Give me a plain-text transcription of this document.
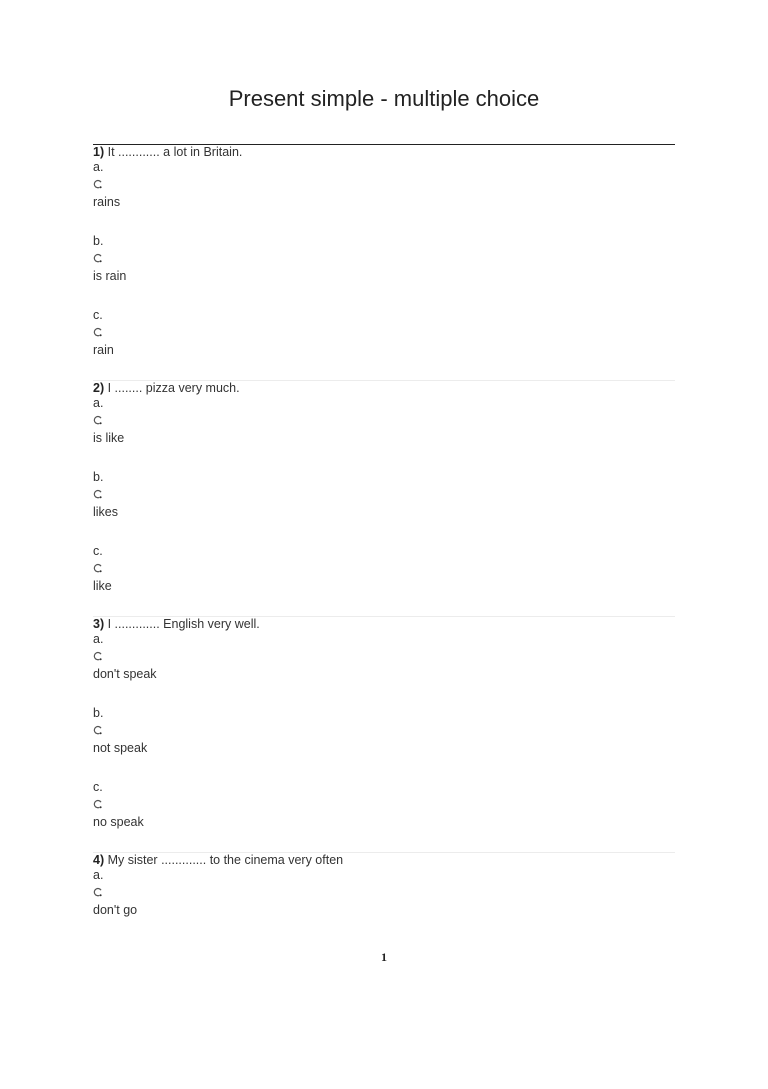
Present simple - multiple choice
1) It ............ a lot in Britain.
a.
rains
b.
is rain
c.
rain
2) I ........ pizza very much.
a.
is like
b.
likes
c.
like
3) I ............. English very well.
a.
don't speak
b.
not speak
c.
no speak
4) My sister ............. to the cinema very often
a.
don't go
1
